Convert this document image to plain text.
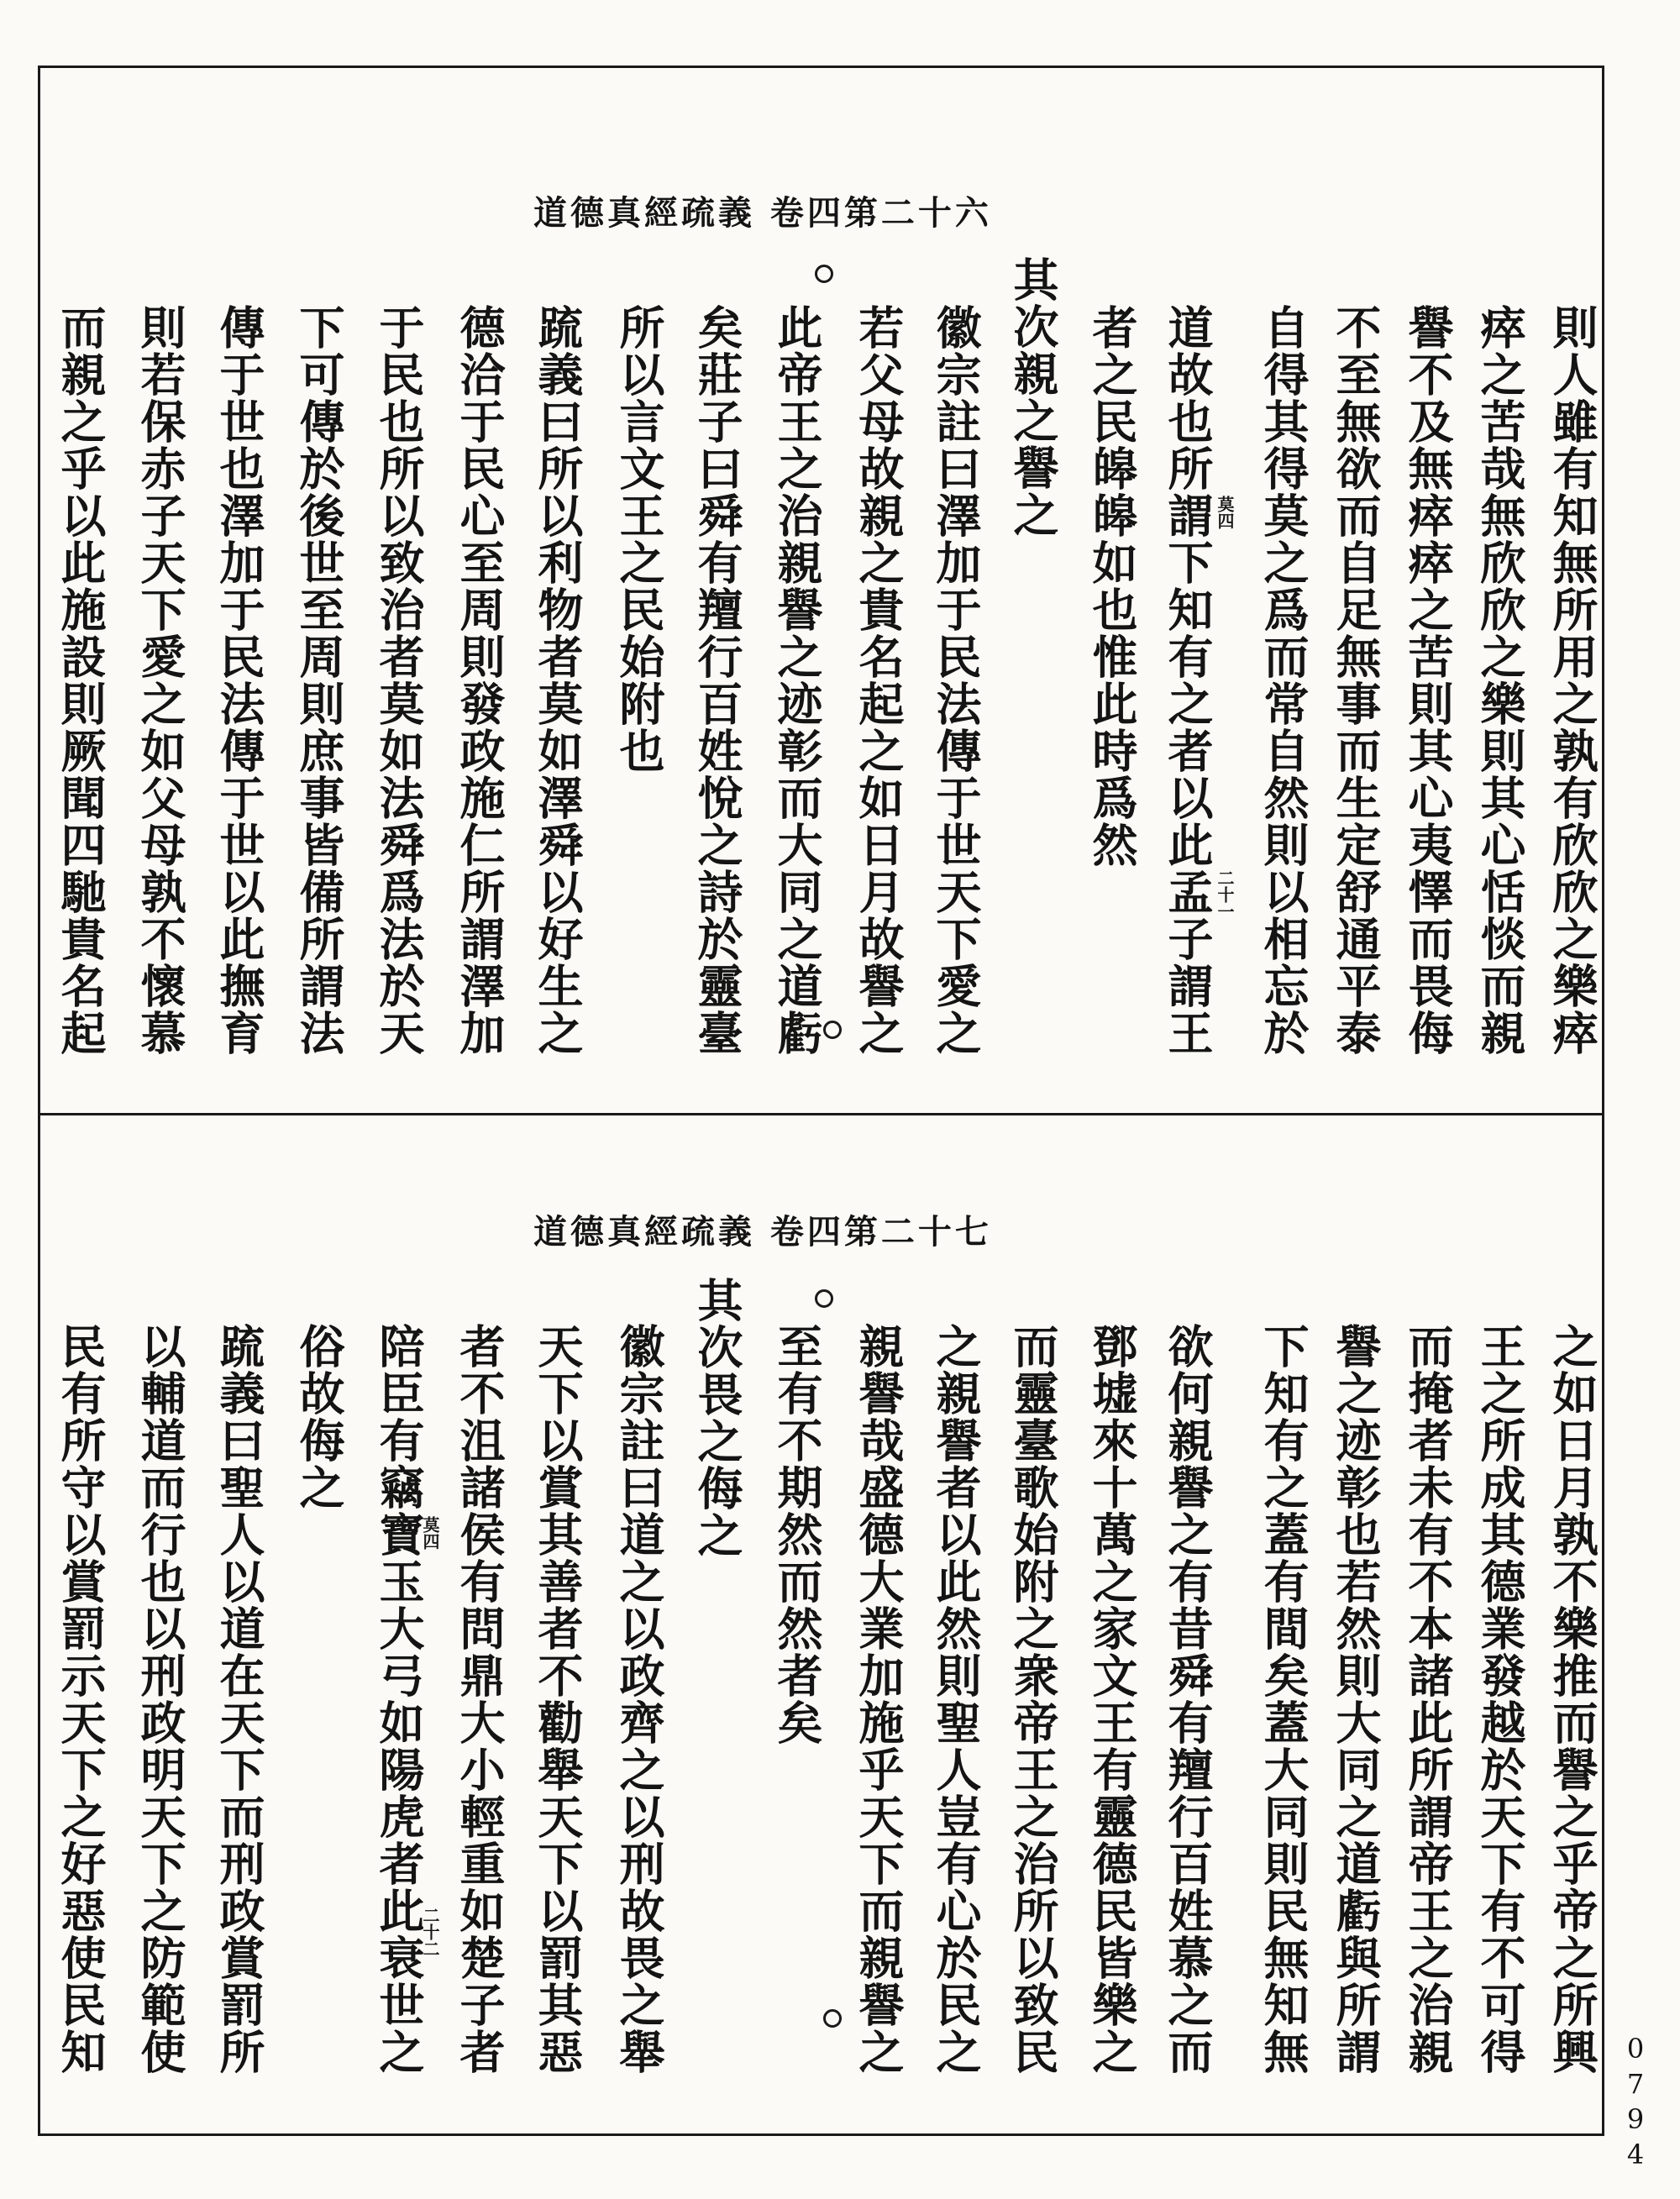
道德真經疏義 卷四第二十六
則人雖有知無所用之孰有欣欣之樂瘁
瘁之苦哉無欣欣之樂則其心恬惔而親
譽不及無瘁瘁之苦則其心夷懌而畏侮
不至無欲而自足無事而生定舒通平泰
自得其得莫之爲而常自然則以相忘於
道故也所謂下知有之者以此孟子謂王
者之民皞皞如也惟此時爲然
其次親之譽之
徽宗註曰澤加于民法傳于世天下愛之
若父母故親之貴名起之如日月故譽之
此帝王之治親譽之迹彰而大同之道虧
矣莊子曰舜有羶行百姓悅之詩於靈臺
所以言文王之民始附也
䟽義曰所以利物者莫如澤舜以好生之
德洽于民心至周則發政施仁所謂澤加
于民也所以致治者莫如法舜爲法於天
下可傳於後世至周則庶事皆備所謂法
傳于世也澤加于民法傳于世以此撫育
則若保赤子天下愛之如父母孰不懷慕
而親之乎以此施設則厥聞四馳貴名起	莫四
二十一
道德真經疏義 卷四第二十七
之如日月孰不樂推而譽之乎帝之所興
王之所成其德業發越於天下有不可得
而掩者未有不本諸此所謂帝王之治親
譽之迹彰也若然則大同之道虧與所謂
下知有之蓋有間矣蓋大同則民無知無
欲何親譽之有昔舜有羶行百姓慕之而
鄧墟來十萬之家文王有靈德民皆樂之
而靈臺歌始附之衆帝王之治所以致民
之親譽者以此然則聖人豈有心於民之
親譽哉盛德大業加施乎天下而親譽之
至有不期然而然者矣
其次畏之侮之
徽宗註曰道之以政齊之以刑故畏之舉
天下以賞其善者不勸舉天下以罰其惡
者不沮諸侯有問鼎大小輕重如楚子者
陪臣有竊寶玉大弓如陽虎者此衰世之
俗故侮之
䟽義曰聖人以道在天下而刑政賞罰所
以輔道而行也以刑政明天下之防範使
民有所守以賞罰示天下之好惡使民知	莫四
二十二
0794
